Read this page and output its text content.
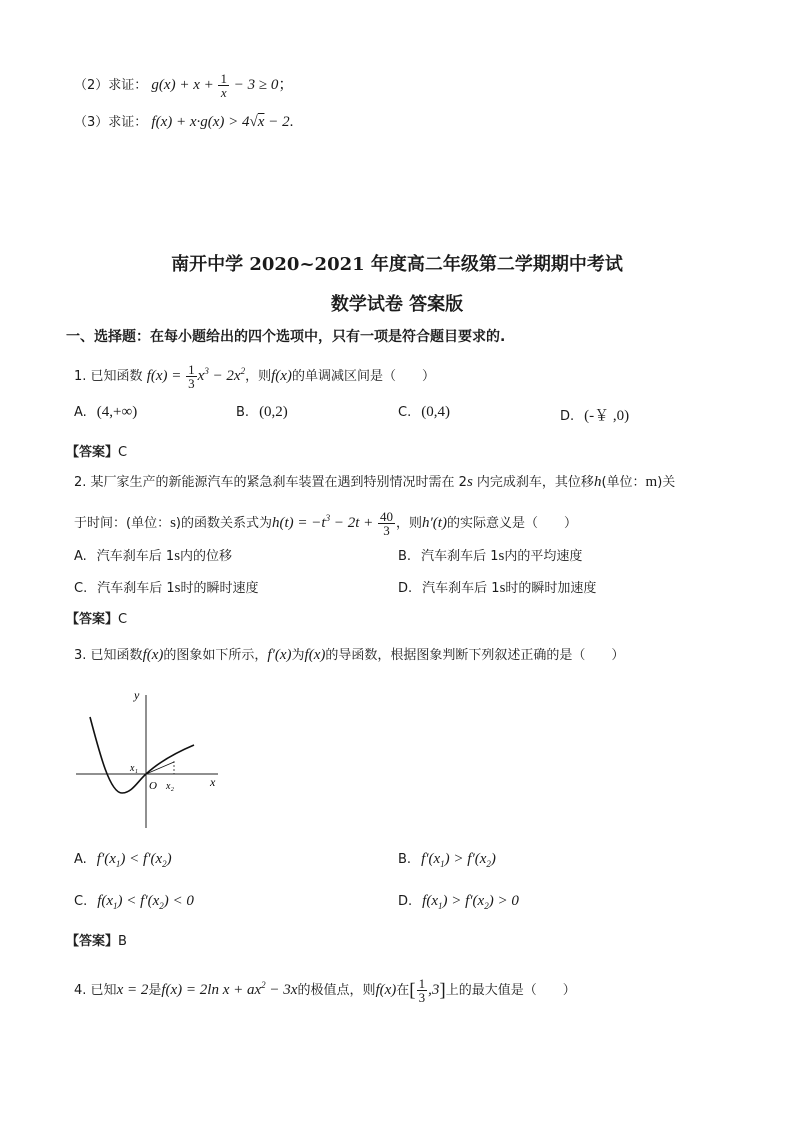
（2）求证： $g(x) + x + \frac{1}{x} - 3 \ge 0$；
（3）求证： f(x) + x·g(x) > 4√x − 2.
南开中学 2020~2021 年度高二年级第二学期期中考试
数学试卷 答案版
一、选择题：在每小题给出的四个选项中，只有一项是符合题目要求的.
1. 已知函数 $f(x) = \frac{1}{3} x^3 - 2x^2$，则f(x)的单调减区间是（　　）
A. (4,+∞)	B. (0,2)	C. (0,4)	D. (-￥ ,0)
【答案】C
2. 某厂家生产的新能源汽车的紧急刹车装置在遇到特别情况时需在 2s 内完成刹车，其位移h(单位：m)关
于时间：(单位：s)的函数关系式为$h(t) = -t^3 - 2t + \frac{40}{3}$ ，则h′(t)的实际意义是（　　）
A. 汽车刹车后 1s内的位移	B. 汽车刹车后 1s内的平均速度
C. 汽车刹车后 1s时的瞬时速度	D. 汽车刹车后 1s时的瞬时加速度
【答案】C
3. 已知函数f(x)的图象如下所示，f′(x)为f(x)的导函数，根据图象判断下列叙述正确的是（　　）
y
x
O
x₁
x₂
A. $f'(x_1) < f'(x_2)$	B. $f'(x_1) > f'(x_2)$
C. $f(x_1) < f'(x_2) < 0$	D. $f(x_1) > f'(x_2) > 0$
【答案】B
4. 已知x = 2是f(x) = 2ln $x + ax^2 - 3x$的极值点，则f(x)在[ $\frac{1}{3} ,3$]上的最大值是（　　）
